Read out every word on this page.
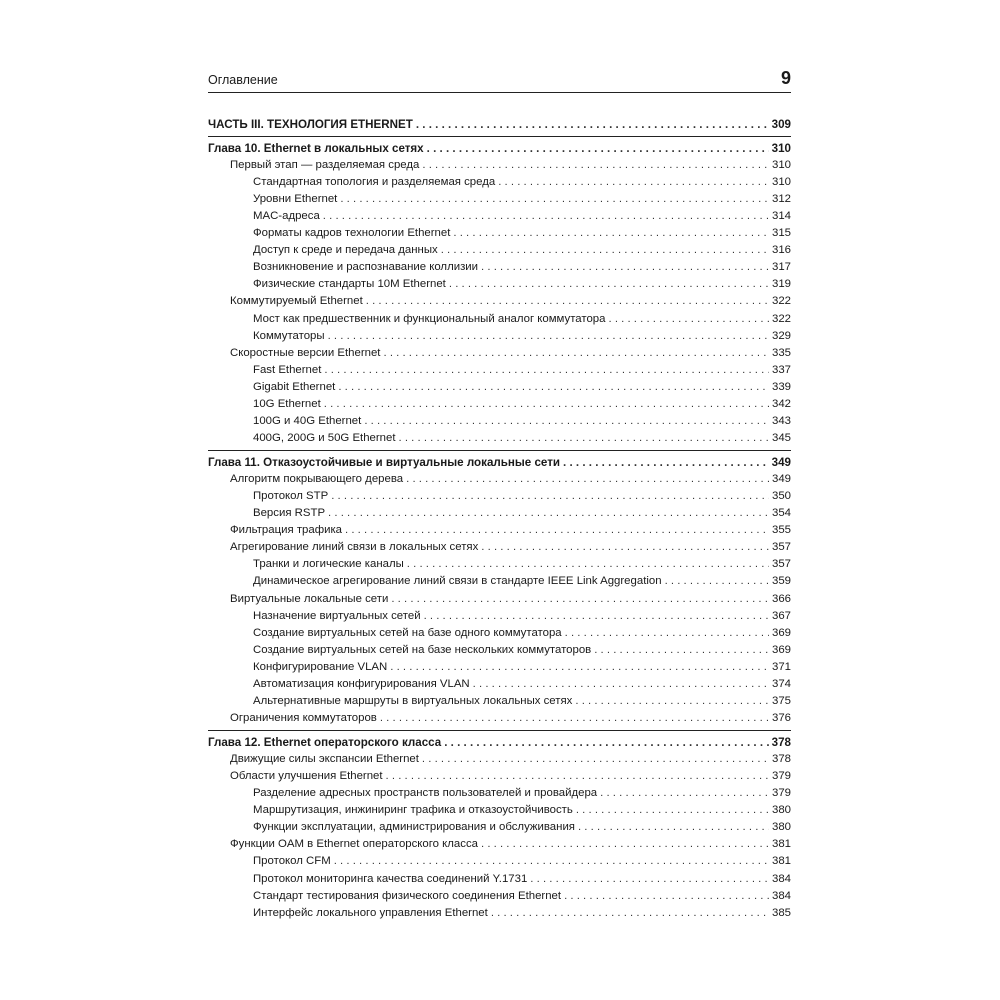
Оглавление	9
ЧАСТЬ III. ТЕХНОЛОГИЯ ETHERNET . . .	309
Глава 10. Ethernet в локальных сетях . . .	310
Первый этап — разделяемая среда . . .	310
Стандартная топология и разделяемая среда . . .	310
Уровни Ethernet . . .	312
MAC-адреса . . .	314
Форматы кадров технологии Ethernet . . .	315
Доступ к среде и передача данных . . .	316
Возникновение и распознавание коллизии . . .	317
Физические стандарты 10M Ethernet . . .	319
Коммутируемый Ethernet . . .	322
Мост как предшественник и функциональный аналог коммутатора . . .	322
Коммутаторы . . .	329
Скоростные версии Ethernet . . .	335
Fast Ethernet . . .	337
Gigabit Ethernet . . .	339
10G Ethernet . . .	342
100G и 40G Ethernet . . .	343
400G, 200G и 50G Ethernet . . .	345
Глава 11. Отказоустойчивые и виртуальные локальные сети . . .	349
Алгоритм покрывающего дерева . . .	349
Протокол STP . . .	350
Версия RSTP . . .	354
Фильтрация трафика . . .	355
Агрегирование линий связи в локальных сетях . . .	357
Транки и логические каналы . . .	357
Динамическое агрегирование линий связи в стандарте IEEE Link Aggregation . . .	359
Виртуальные локальные сети . . .	366
Назначение виртуальных сетей . . .	367
Создание виртуальных сетей на базе одного коммутатора . . .	369
Создание виртуальных сетей на базе нескольких коммутаторов . . .	369
Конфигурирование VLAN . . .	371
Автоматизация конфигурирования VLAN . . .	374
Альтернативные маршруты в виртуальных локальных сетях . . .	375
Ограничения коммутаторов . . .	376
Глава 12. Ethernet операторского класса . . .	378
Движущие силы экспансии Ethernet . . .	378
Области улучшения Ethernet . . .	379
Разделение адресных пространств пользователей и провайдера . . .	379
Маршрутизация, инжиниринг трафика и отказоустойчивость . . .	380
Функции эксплуатации, администрирования и обслуживания . . .	380
Функции OAM в Ethernet операторского класса . . .	381
Протокол CFM . . .	381
Протокол мониторинга качества соединений Y.1731 . . .	384
Стандарт тестирования физического соединения Ethernet . . .	384
Интерфейс локального управления Ethernet . . .	385
